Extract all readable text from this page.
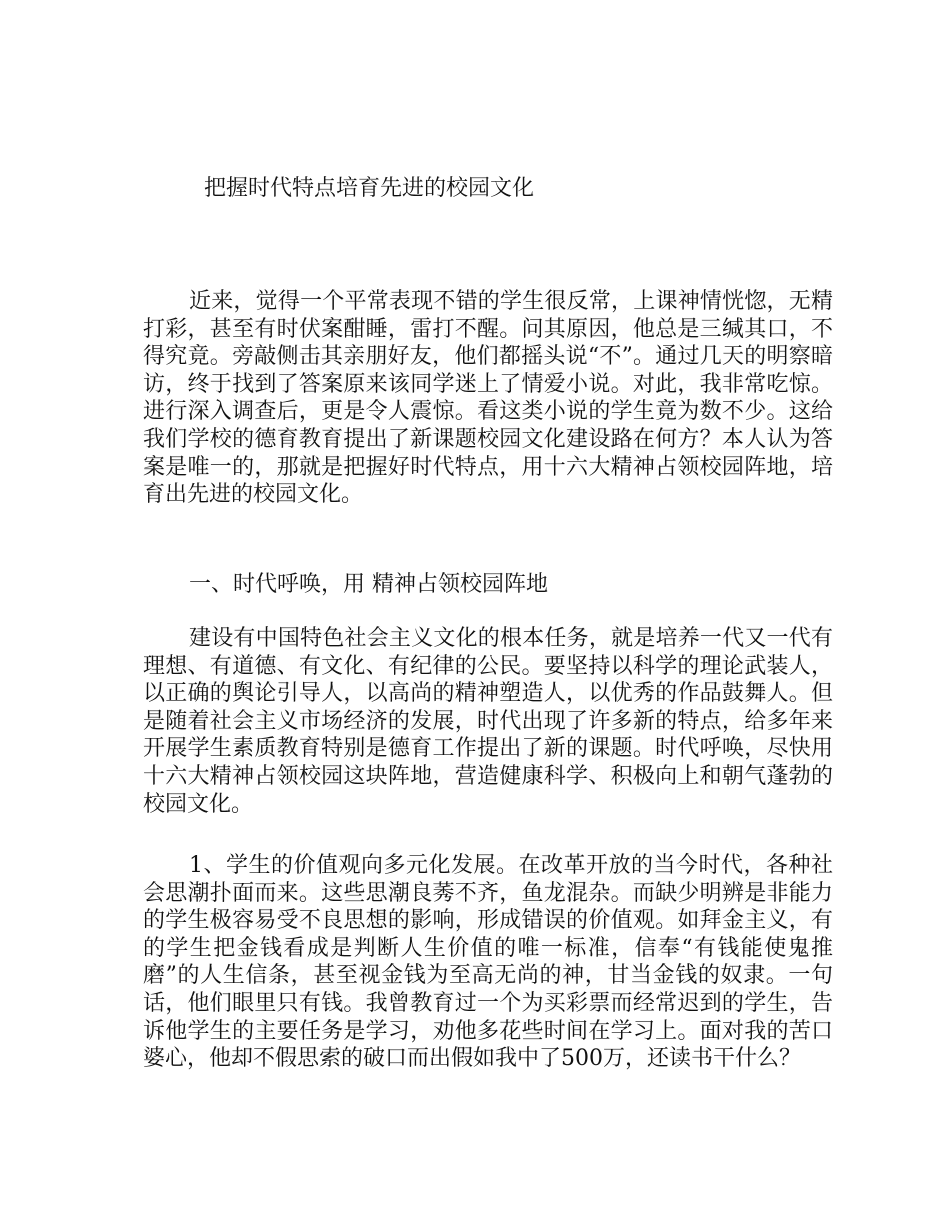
把握时代特点培育先进的校园文化

近来，觉得一个平常表现不错的学生很反常，上课神情恍惚，无精打彩，甚至有时伏案酣睡，雷打不醒。问其原因，他总是三缄其口，不得究竟。旁敲侧击其亲朋好友，他们都摇头说“不”。通过几天的明察暗访，终于找到了答案原来该同学迷上了情爱小说。对此，我非常吃惊。进行深入调查后，更是令人震惊。看这类小说的学生竟为数不少。这给我们学校的德育教育提出了新课题校园文化建设路在何方？本人认为答案是唯一的，那就是把握好时代特点，用十六大精神占领校园阵地，培育出先进的校园文化。

一、时代呼唤，用 精神占领校园阵地

建设有中国特色社会主义文化的根本任务，就是培养一代又一代有理想、有道德、有文化、有纪律的公民。要坚持以科学的理论武装人，以正确的舆论引导人，以高尚的精神塑造人，以优秀的作品鼓舞人。但是随着社会主义市场经济的发展，时代出现了许多新的特点，给多年来开展学生素质教育特别是德育工作提出了新的课题。时代呼唤，尽快用十六大精神占领校园这块阵地，营造健康科学、积极向上和朝气蓬勃的校园文化。

1、学生的价值观向多元化发展。在改革开放的当今时代，各种社会思潮扑面而来。这些思潮良莠不齐，鱼龙混杂。而缺少明辨是非能力的学生极容易受不良思想的影响，形成错误的价值观。如拜金主义，有的学生把金钱看成是判断人生价值的唯一标准，信奉“有钱能使鬼推磨”的人生信条，甚至视金钱为至高无尚的神，甘当金钱的奴隶。一句话，他们眼里只有钱。我曾教育过一个为买彩票而经常迟到的学生，告诉他学生的主要任务是学习，劝他多花些时间在学习上。面对我的苦口婆心，他却不假思索的破口而出假如我中了500万，还读书干什么？
